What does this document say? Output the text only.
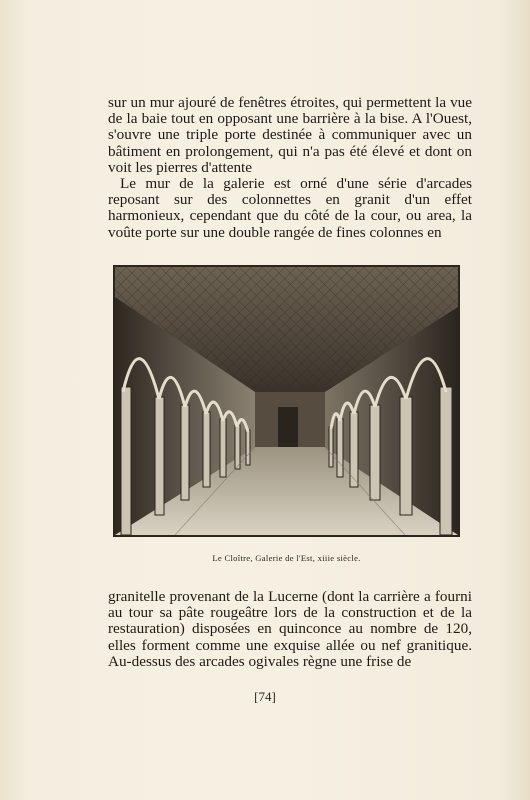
sur un mur ajouré de fenêtres étroites, qui permettent la vue de la baie tout en opposant une barrière à la bise. A l'Ouest, s'ouvre une triple porte destinée à communiquer avec un bâtiment en prolongement, qui n'a pas été élevé et dont on voit les pierres d'attente

Le mur de la galerie est orné d'une série d'arcades reposant sur des colonnettes en granit d'un effet harmonieux, cependant que du côté de la cour, ou area, la voûte porte sur une double rangée de fines colonnes en

Le Cloître, Galerie de l'Est, xiiie siècle.

granitelle provenant de la Lucerne (dont la carrière a fourni au tour sa pâte rougeâtre lors de la construction et de la restauration) disposées en quinconce au nombre de 120, elles forment comme une exquise allée ou nef granitique. Au-dessus des arcades ogivales règne une frise de

[74]
